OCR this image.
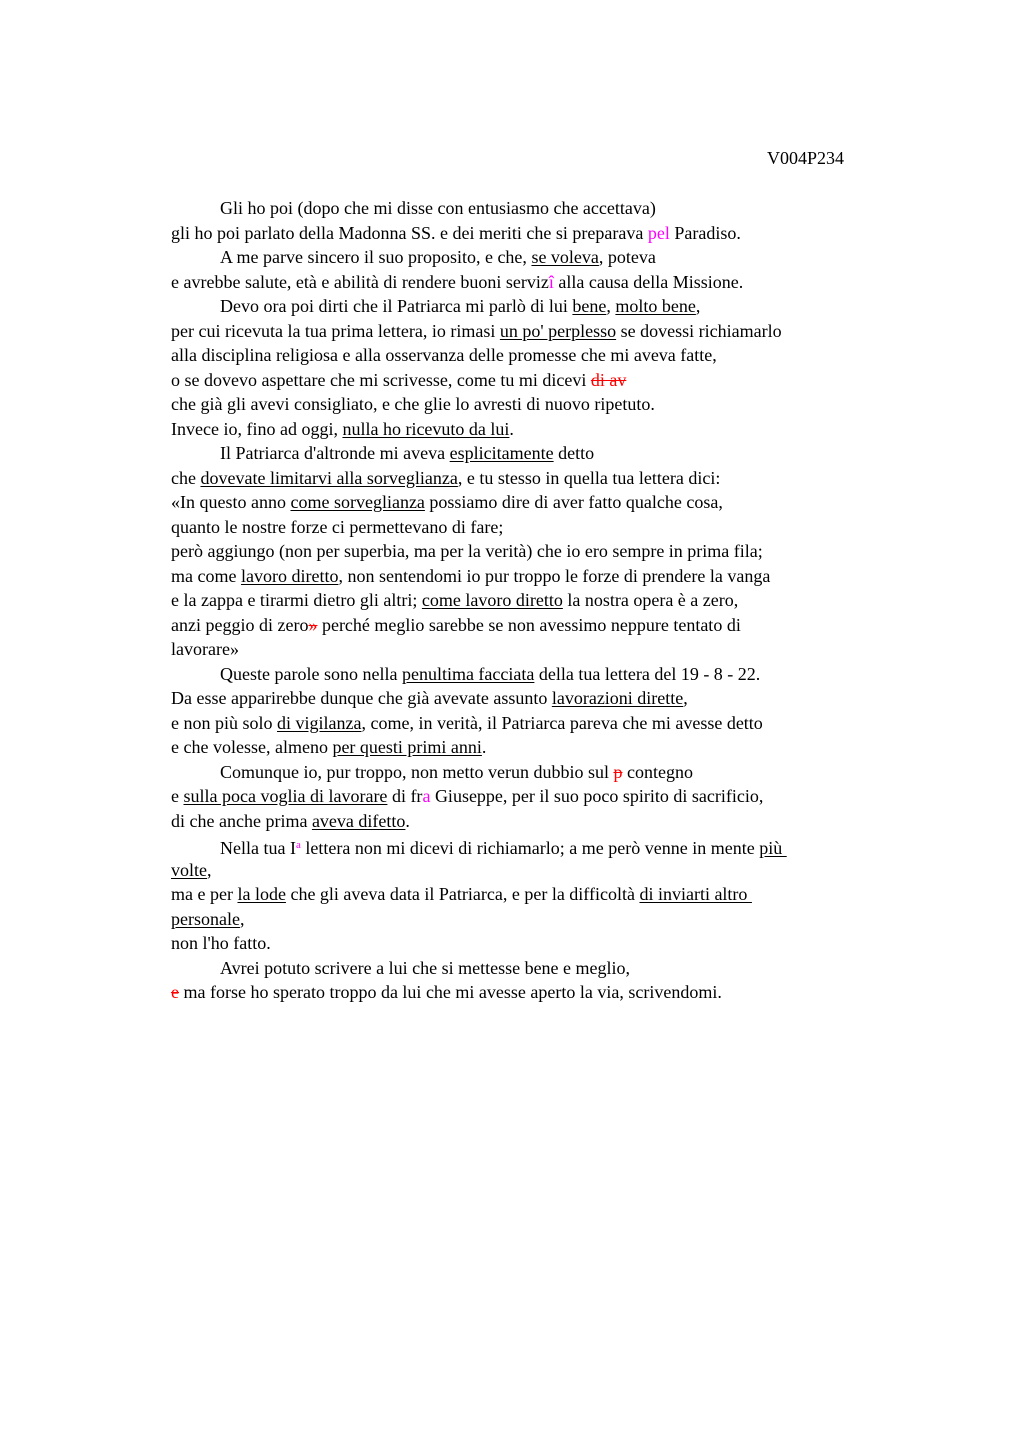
V004P234
Gli ho poi (dopo che mi disse con entusiasmo che accettava)
gli ho poi parlato della Madonna SS. e dei meriti che si preparava pel Paradiso.
A me parve sincero il suo proposito, e che, se voleva, poteva
e avrebbe salute, età e abilità di rendere buoni servizî alla causa della Missione.
Devo ora poi dirti che il Patriarca mi parlò di lui bene, molto bene,
per cui ricevuta la tua prima lettera, io rimasi un po' perplesso se dovessi richiamarlo
alla disciplina religiosa e alla osservanza delle promesse che mi aveva fatte,
o se dovevo aspettare che mi scrivesse, come tu mi dicevi di av
che già gli avevi consigliato, e che glie lo avresti di nuovo ripetuto.
Invece io, fino ad oggi, nulla ho ricevuto da lui.
Il Patriarca d'altronde mi aveva esplicitamente detto
che dovevate limitarvi alla sorveglianza, e tu stesso in quella tua lettera dici:
«In questo anno come sorveglianza possiamo dire di aver fatto qualche cosa,
quanto le nostre forze ci permettevano di fare;
però aggiungo (non per superbia, ma per la verità) che io ero sempre in prima fila;
ma come lavoro diretto, non sentendomi io pur troppo le forze di prendere la vanga
e la zappa e tirarmi dietro gli altri; come lavoro diretto la nostra opera è a zero,
anzi peggio di zero» perché meglio sarebbe se non avessimo neppure tentato di
lavorare»
Queste parole sono nella penultima facciata della tua lettera del 19 - 8 - 22.
Da esse apparirebbe dunque che già avevate assunto lavorazioni dirette,
e non più solo di vigilanza, come, in verità, il Patriarca pareva che mi avesse detto
e che volesse, almeno per questi primi anni.
Comunque io, pur troppo, non metto verun dubbio sul p contegno
e sulla poca voglia di lavorare di fra Giuseppe, per il suo poco spirito di sacrificio,
di che anche prima aveva difetto.
Nella tua $I^a$ lettera non mi dicevi di richiamarlo; a me però venne in mente più
volte,
ma e per la lode che gli aveva data il Patriarca, e per la difficoltà di inviarti altro
personale,
non l'ho fatto.
Avrei potuto scrivere a lui che si mettesse bene e meglio,
e ma forse ho sperato troppo da lui che mi avesse aperto la via, scrivendomi.
